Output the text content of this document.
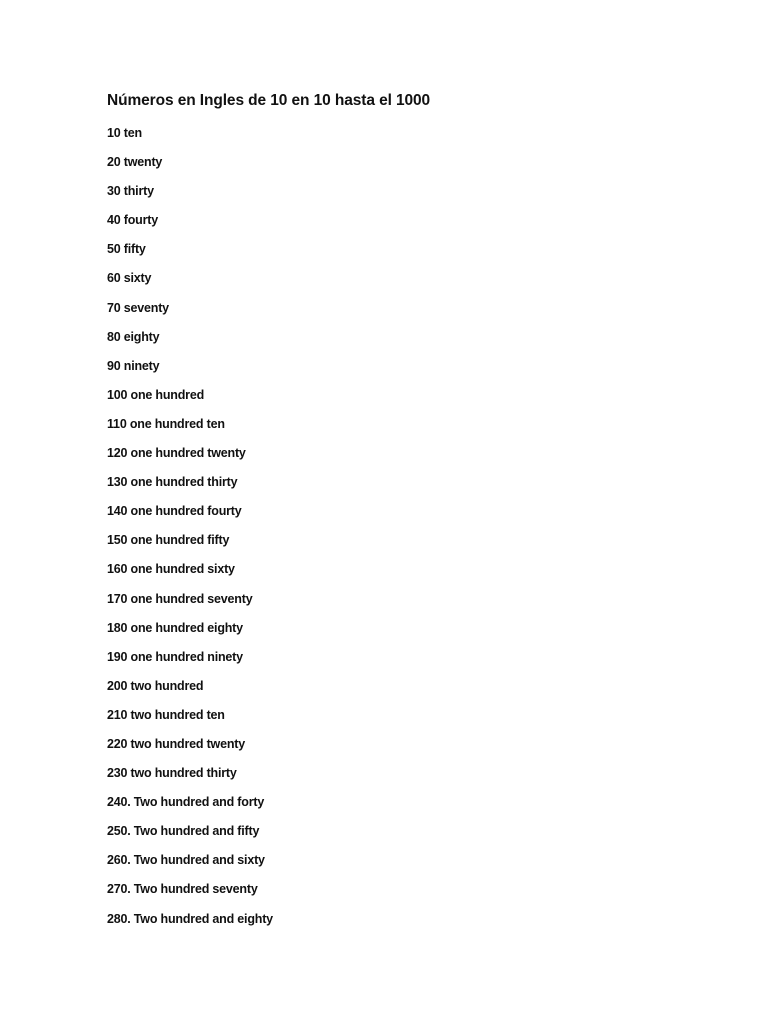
Números en Ingles de 10 en 10 hasta el 1000
10 ten
20 twenty
30 thirty
40 fourty
50 fifty
60 sixty
70 seventy
80 eighty
90 ninety
100 one hundred
110 one hundred ten
120 one hundred twenty
130 one hundred thirty
140 one hundred fourty
150 one hundred fifty
160 one hundred sixty
170 one hundred seventy
180 one hundred eighty
190 one hundred ninety
200 two hundred
210 two hundred ten
220 two hundred twenty
230 two hundred thirty
240. Two hundred and forty
250. Two hundred and fifty
260. Two hundred and sixty
270. Two hundred seventy
280. Two hundred and eighty
